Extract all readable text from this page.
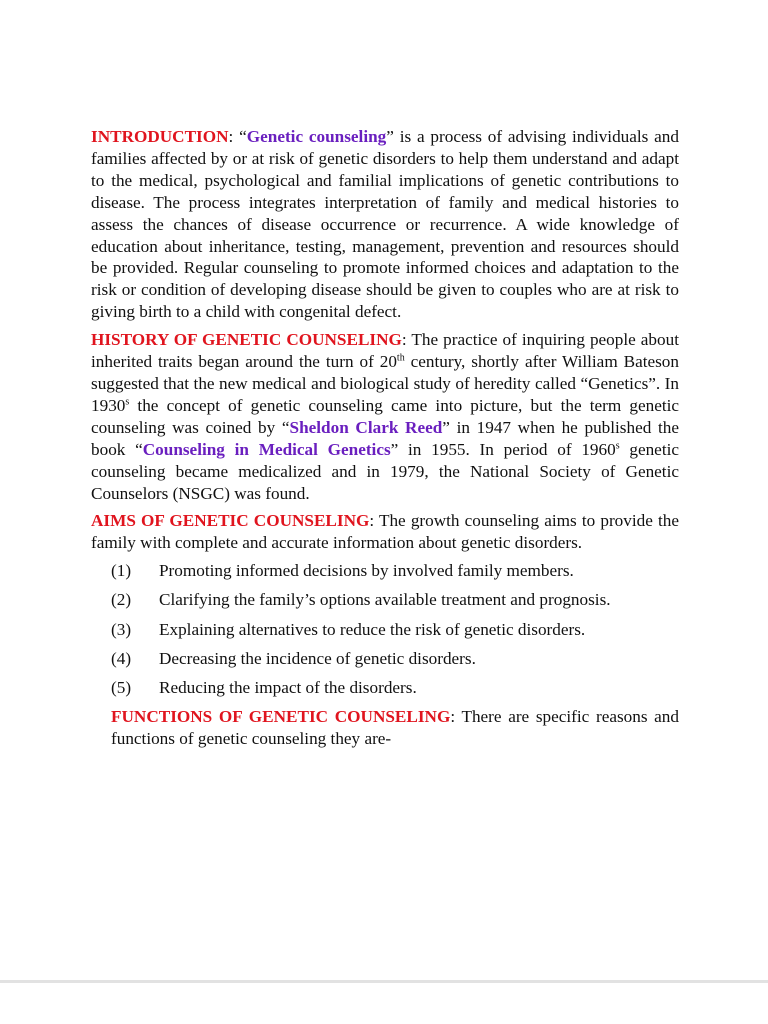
INTRODUCTION: “Genetic counseling” is a process of advising individuals and families affected by or at risk of genetic disorders to help them understand and adapt to the medical, psychological and familial implications of genetic contributions to disease. The process integrates interpretation of family and medical histories to assess the chances of disease occurrence or recurrence. A wide knowledge of education about inheritance, testing, management, prevention and resources should be provided. Regular counseling to promote informed choices and adaptation to the risk or condition of developing disease should be given to couples who are at risk to giving birth to a child with congenital defect.

HISTORY OF GENETIC COUNSELING: The practice of inquiring people about inherited traits began around the turn of 20th century, shortly after William Bateson suggested that the new medical and biological study of heredity called “Genetics”. In 1930$^s$ the concept of genetic counseling came into picture, but the term genetic counseling was coined by “Sheldon Clark Reed” in 1947 when he published the book “Counseling in Medical Genetics” in 1955. In period of 1960$^s$ genetic counseling became medicalized and in 1979, the National Society of Genetic Counselors (NSGC) was found.

AIMS OF GENETIC COUNSELING: The growth counseling aims to provide the family with complete and accurate information about genetic disorders.

(1)	Promoting informed decisions by involved family members.
(2)	Clarifying the family’s options available treatment and prognosis.
(3)	Explaining alternatives to reduce the risk of genetic disorders.
(4)	Decreasing the incidence of genetic disorders.
(5)	Reducing the impact of the disorders.

FUNCTIONS OF GENETIC COUNSELING: There are specific reasons and functions of genetic counseling they are-
